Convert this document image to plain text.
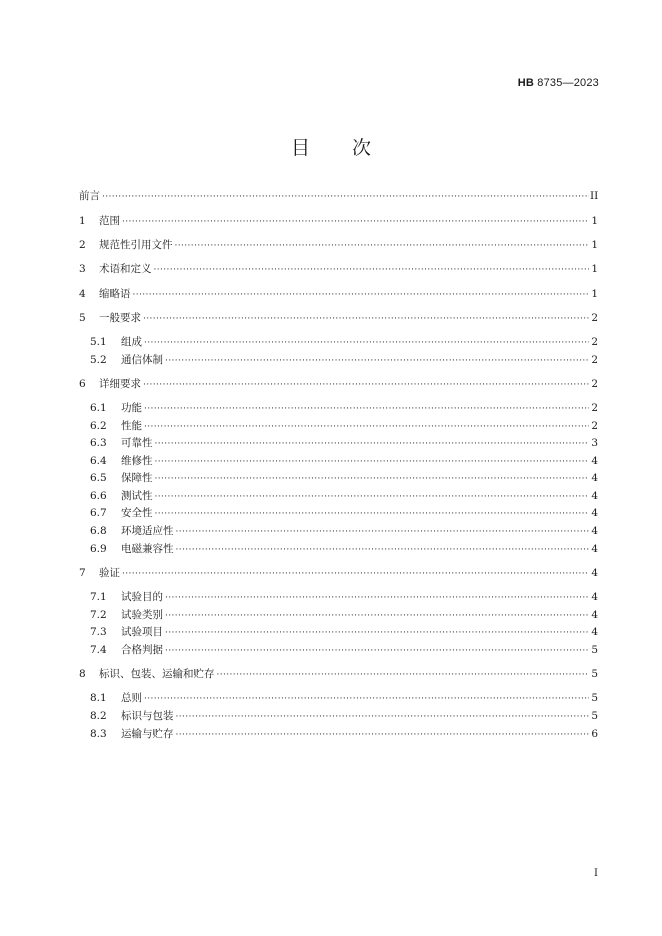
HB 8735—2023
目 次
前言 ·····	II
1	范围 ·····	1
2	规范性引用文件 ·····	1
3	术语和定义 ·····	1
4	缩略语 ·····	1
5	一般要求 ·····	2
5.1	组成 ·····	2
5.2	通信体制 ·····	2
6	详细要求 ·····	2
6.1	功能 ·····	2
6.2	性能 ·····	2
6.3	可靠性 ·····	3
6.4	维修性 ·····	4
6.5	保障性 ·····	4
6.6	测试性 ·····	4
6.7	安全性 ·····	4
6.8	环境适应性 ·····	4
6.9	电磁兼容性 ·····	4
7	验证 ·····	4
7.1	试验目的 ·····	4
7.2	试验类别 ·····	4
7.3	试验项目 ·····	4
7.4	合格判据 ·····	5
8	标识、包装、运输和贮存 ·····	5
8.1	总则 ·····	5
8.2	标识与包装 ·····	5
8.3	运输与贮存 ·····	6
I
